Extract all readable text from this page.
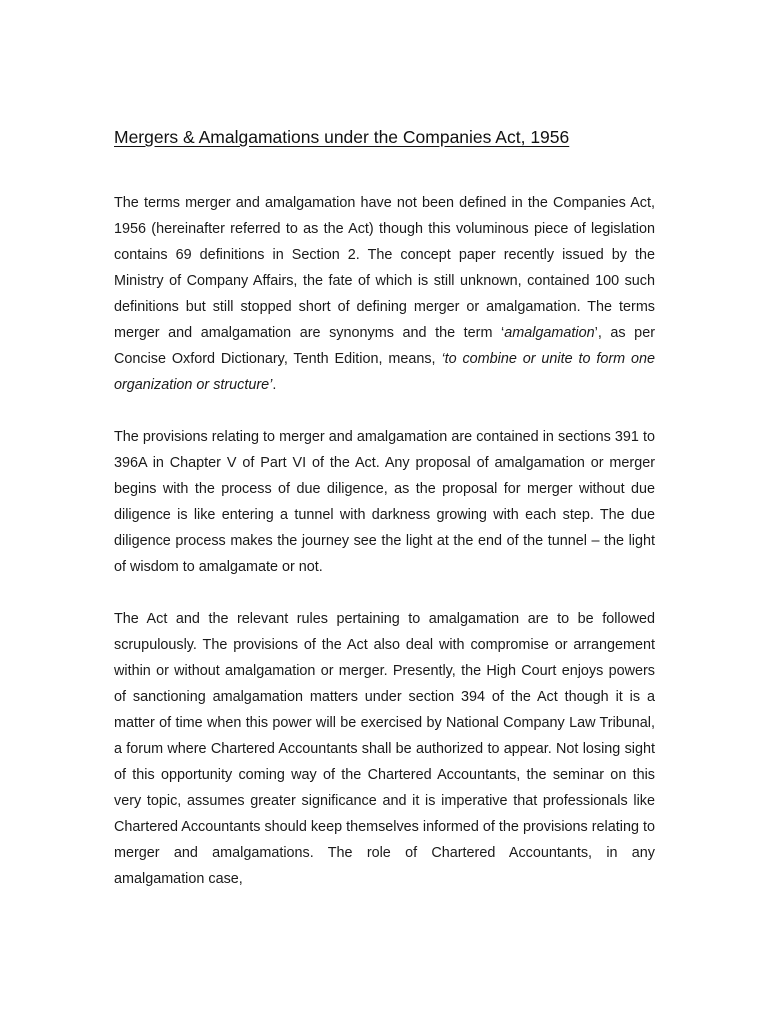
Mergers & Amalgamations under the Companies Act, 1956

The terms merger and amalgamation have not been defined in the Companies Act, 1956 (hereinafter referred to as the Act) though this voluminous piece of legislation contains 69 definitions in Section 2. The concept paper recently issued by the Ministry of Company Affairs, the fate of which is still unknown, contained 100 such definitions but still stopped short of defining merger or amalgamation. The terms merger and amalgamation are synonyms and the term ‘amalgamation’, as per Concise Oxford Dictionary, Tenth Edition, means, ‘to combine or unite to form one organization or structure’.

The provisions relating to merger and amalgamation are contained in sections 391 to 396A in Chapter V of Part VI of the Act. Any proposal of amalgamation or merger begins with the process of due diligence, as the proposal for merger without due diligence is like entering a tunnel with darkness growing with each step. The due diligence process makes the journey see the light at the end of the tunnel – the light of wisdom to amalgamate or not.

The Act and the relevant rules pertaining to amalgamation are to be followed scrupulously. The provisions of the Act also deal with compromise or arrangement within or without amalgamation or merger. Presently, the High Court enjoys powers of sanctioning amalgamation matters under section 394 of the Act though it is a matter of time when this power will be exercised by National Company Law Tribunal, a forum where Chartered Accountants shall be authorized to appear. Not losing sight of this opportunity coming way of the Chartered Accountants, the seminar on this very topic, assumes greater significance and it is imperative that professionals like Chartered Accountants should keep themselves informed of the provisions relating to merger and amalgamations. The role of Chartered Accountants, in any amalgamation case,
